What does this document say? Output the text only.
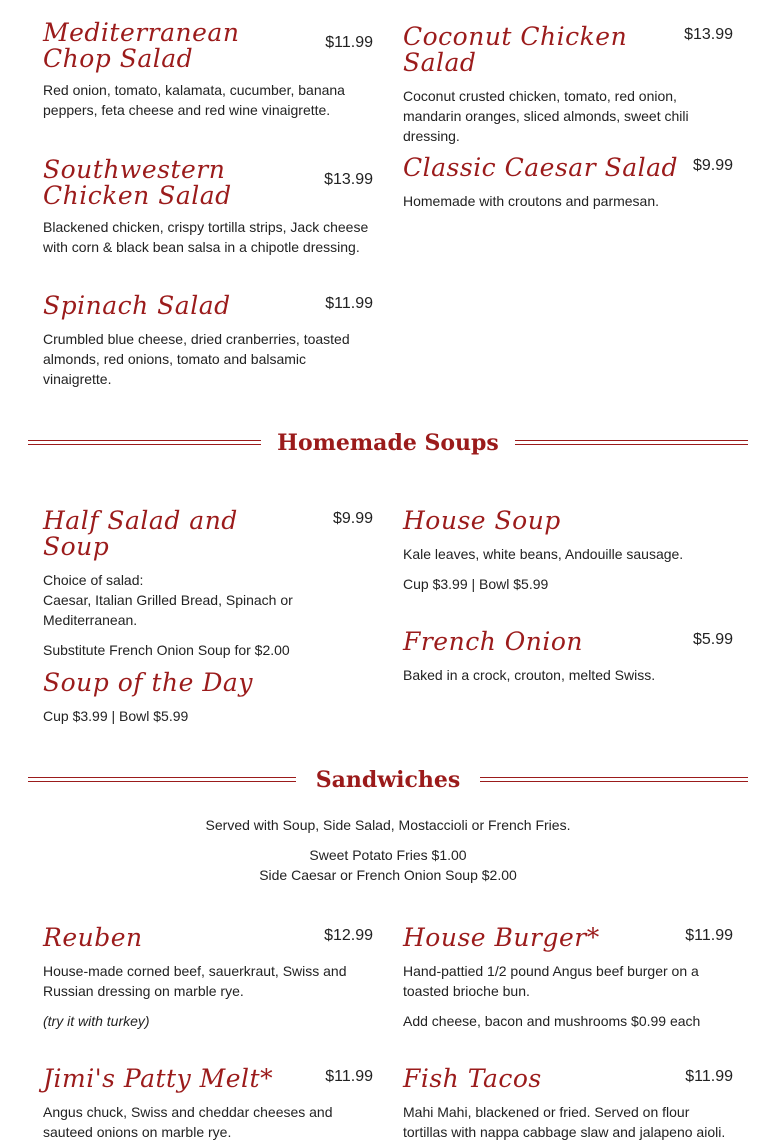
Mediterranean Chop Salad
$11.99
Red onion, tomato, kalamata, cucumber, banana peppers, feta cheese and red wine vinaigrette.
Coconut Chicken Salad
$13.99
Coconut crusted chicken, tomato, red onion, mandarin oranges, sliced almonds, sweet chili dressing.
Southwestern Chicken Salad
$13.99
Blackened chicken, crispy tortilla strips, Jack cheese with corn & black bean salsa in a chipotle dressing.
Classic Caesar Salad $9.99
Homemade with croutons and parmesan.
Spinach Salad	$11.99
Crumbled blue cheese, dried cranberries, toasted almonds, red onions, tomato and balsamic vinaigrette.
Homemade Soups
Half Salad and Soup
$9.99
Choice of salad:
Caesar, Italian Grilled Bread, Spinach or Mediterranean.
Substitute French Onion Soup for $2.00
House Soup
Kale leaves, white beans, Andouille sausage.
Cup $3.99 | Bowl $5.99
French Onion	$5.99
Baked in a crock, crouton, melted Swiss.
Soup of the Day
Cup $3.99 | Bowl $5.99
Sandwiches
Served with Soup, Side Salad, Mostaccioli or French Fries.
Sweet Potato Fries $1.00
Side Caesar or French Onion Soup $2.00
Reuben	$12.99
House-made corned beef, sauerkraut, Swiss and Russian dressing on marble rye.
(try it with turkey)
House Burger*	$11.99
Hand-pattied 1/2 pound Angus beef burger on a toasted brioche bun.
Add cheese, bacon and mushrooms $0.99 each
Jimi's Patty Melt*	$11.99
Angus chuck, Swiss and cheddar cheeses and sauteed onions on marble rye.
Fish Tacos	$11.99
Mahi Mahi, blackened or fried. Served on flour tortillas with nappa cabbage slaw and jalapeno aioli.
